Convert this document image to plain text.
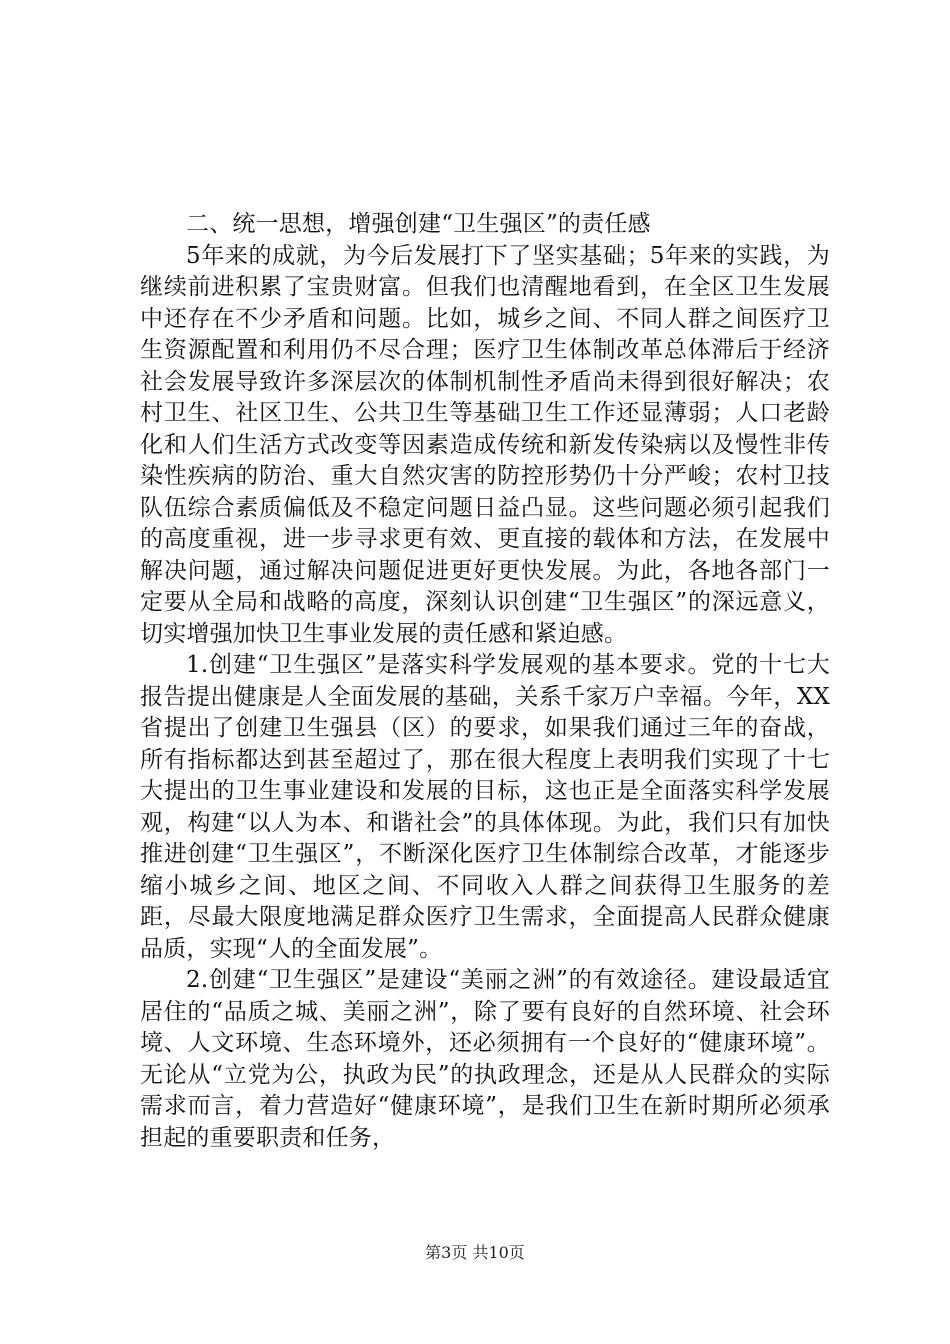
二、统一思想，增强创建“卫生强区”的责任感

5年来的成就，为今后发展打下了坚实基础；5年来的实践，为继续前进积累了宝贵财富。但我们也清醒地看到，在全区卫生发展中还存在不少矛盾和问题。比如，城乡之间、不同人群之间医疗卫生资源配置和利用仍不尽合理；医疗卫生体制改革总体滞后于经济社会发展导致许多深层次的体制机制性矛盾尚未得到很好解决；农村卫生、社区卫生、公共卫生等基础卫生工作还显薄弱；人口老龄化和人们生活方式改变等因素造成传统和新发传染病以及慢性非传染性疾病的防治、重大自然灾害的防控形势仍十分严峻；农村卫技队伍综合素质偏低及不稳定问题日益凸显。这些问题必须引起我们的高度重视，进一步寻求更有效、更直接的载体和方法，在发展中解决问题，通过解决问题促进更好更快发展。为此，各地各部门一定要从全局和战略的高度，深刻认识创建“卫生强区”的深远意义，切实增强加快卫生事业发展的责任感和紧迫感。

1.创建“卫生强区”是落实科学发展观的基本要求。党的十七大报告提出健康是人全面发展的基础，关系千家万户幸福。今年，XX省提出了创建卫生强县（区）的要求，如果我们通过三年的奋战，所有指标都达到甚至超过了，那在很大程度上表明我们实现了十七大提出的卫生事业建设和发展的目标，这也正是全面落实科学发展观，构建“以人为本、和谐社会”的具体体现。为此，我们只有加快推进创建“卫生强区”，不断深化医疗卫生体制综合改革，才能逐步缩小城乡之间、地区之间、不同收入人群之间获得卫生服务的差距，尽最大限度地满足群众医疗卫生需求，全面提高人民群众健康品质，实现“人的全面发展”。

2.创建“卫生强区”是建设“美丽之洲”的有效途径。建设最适宜居住的“品质之城、美丽之洲”，除了要有良好的自然环境、社会环境、人文环境、生态环境外，还必须拥有一个良好的“健康环境”。无论从“立党为公，执政为民”的执政理念，还是从人民群众的实际需求而言，着力营造好“健康环境”，是我们卫生在新时期所必须承担起的重要职责和任务，

第3页 共10页
